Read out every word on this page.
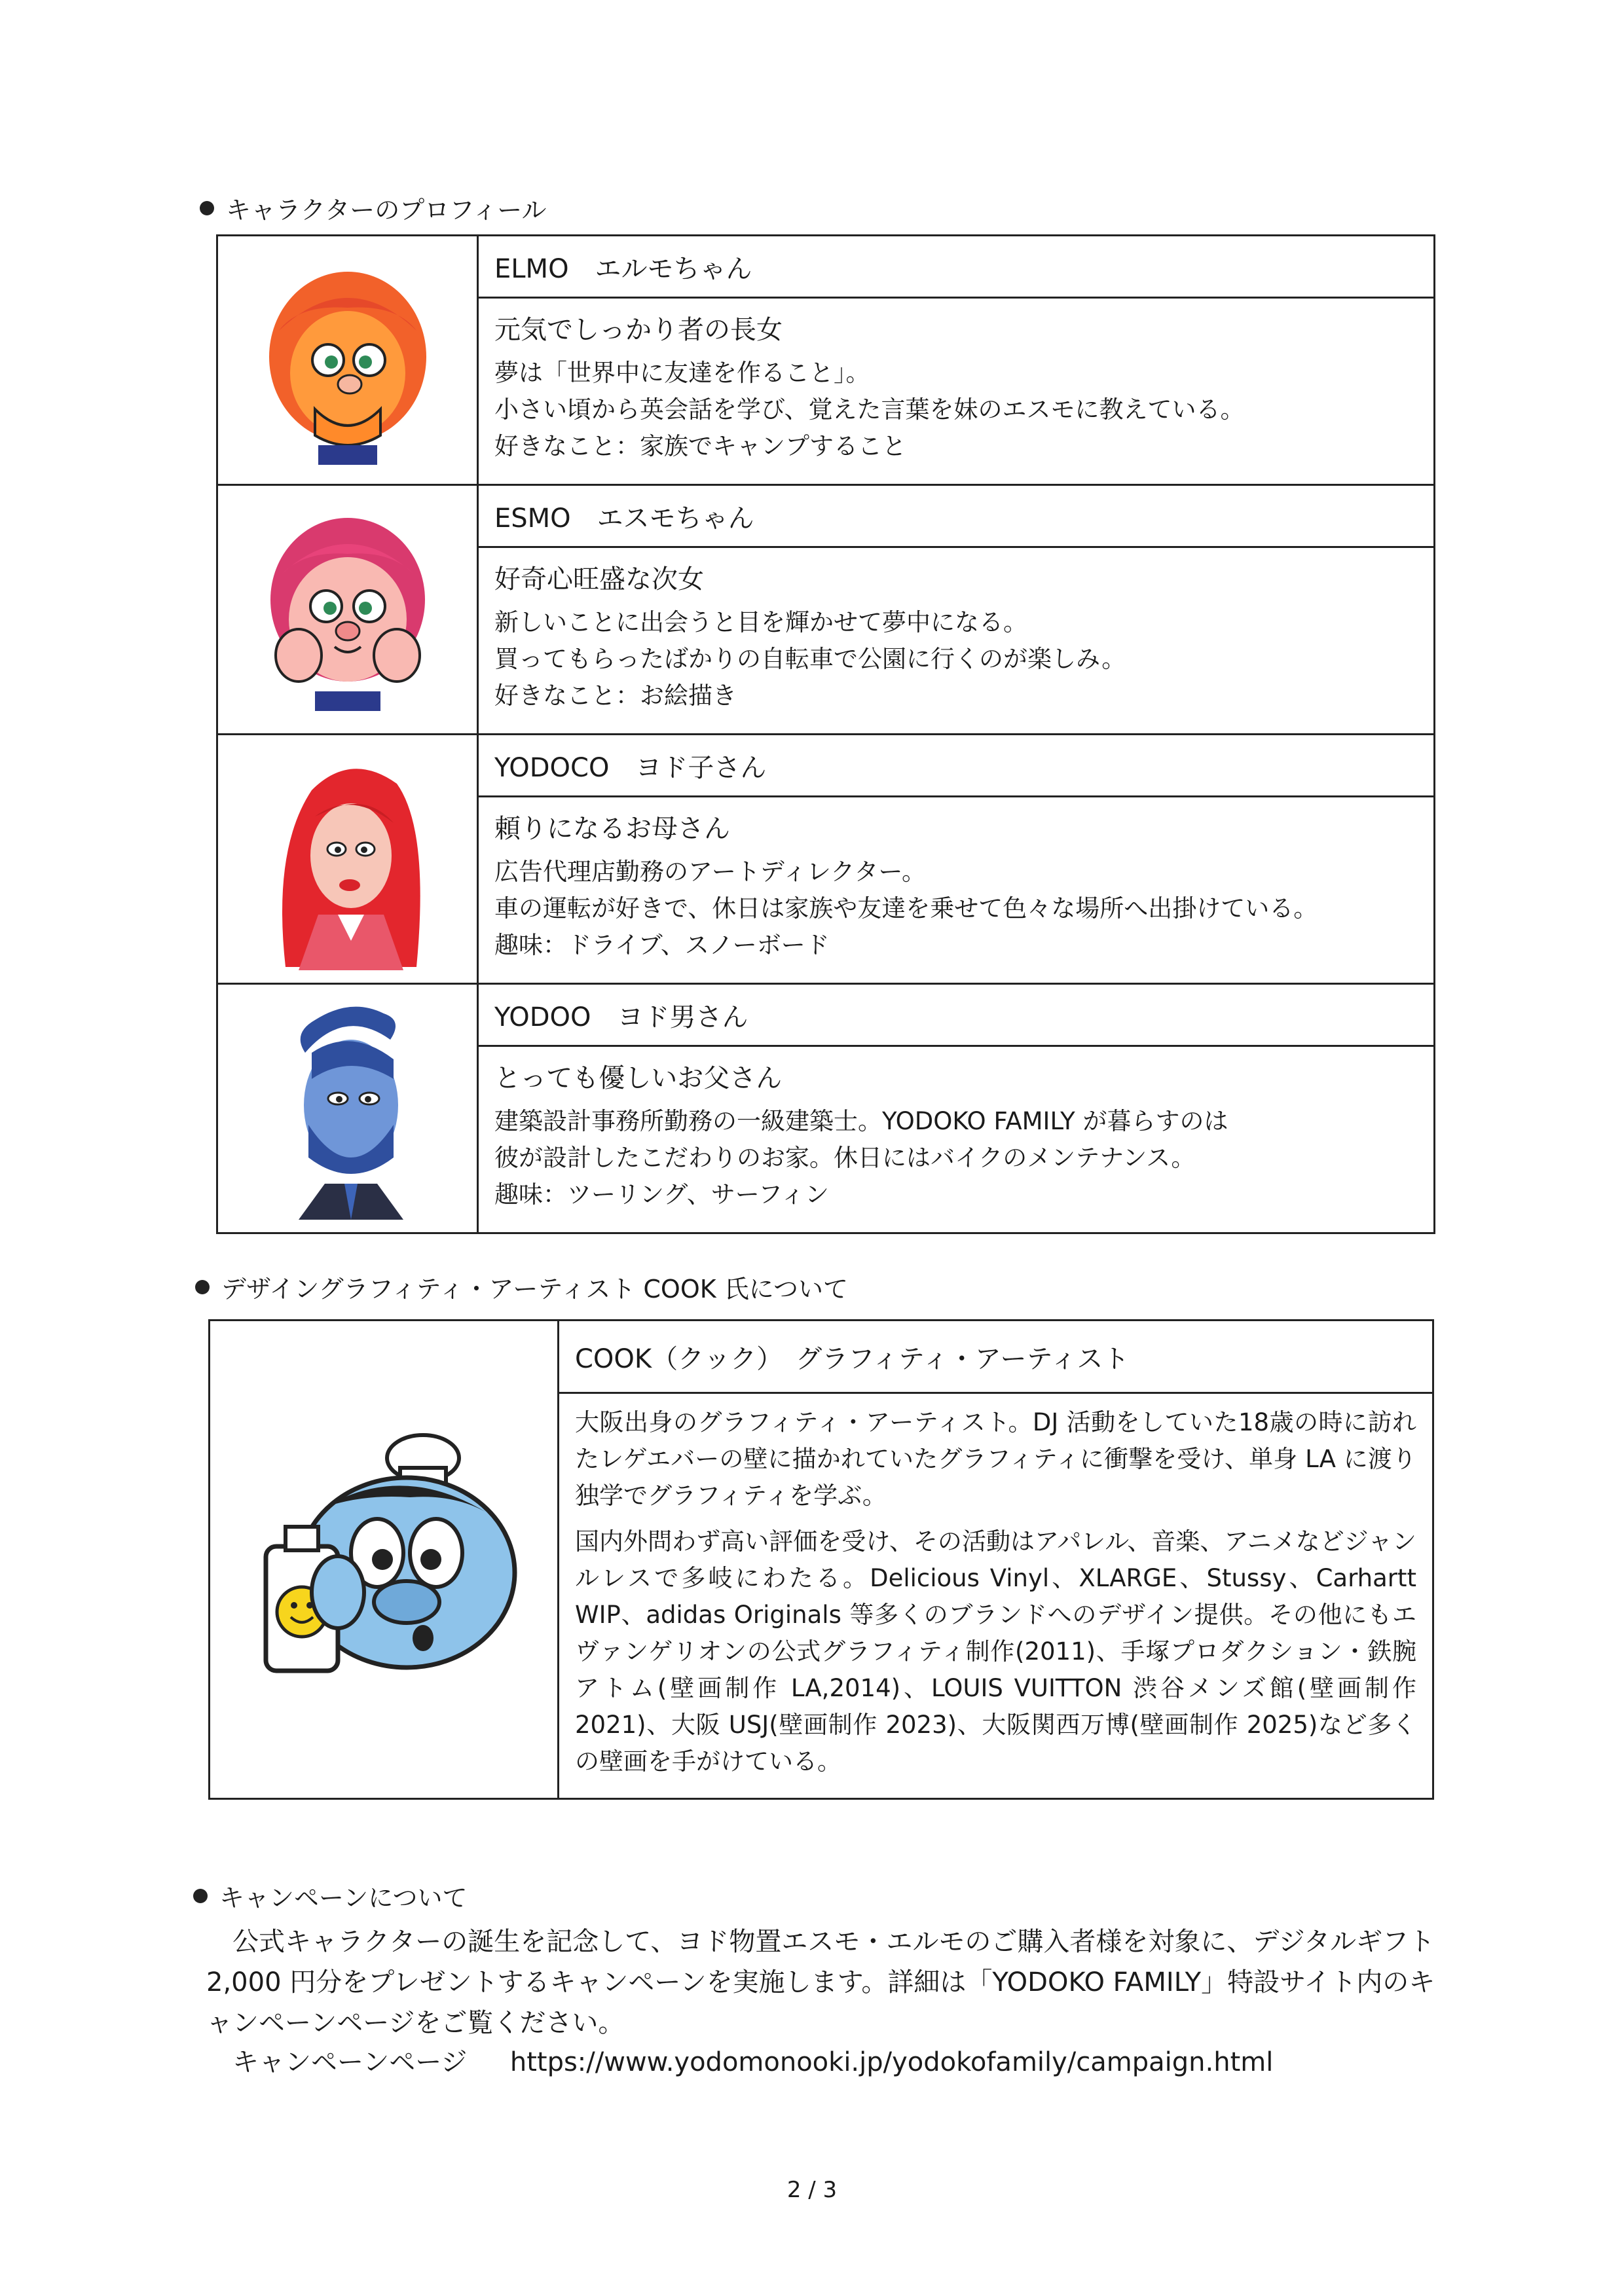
キャラクターのプロフィール
ELMO　エルモちゃん
元気でしっかり者の長女
夢は「世界中に友達を作ること」。
小さい頃から英会話を学び、覚えた言葉を妹のエスモに教えている。
好きなこと：家族でキャンプすること
ESMO　エスモちゃん
好奇心旺盛な次女
新しいことに出会うと目を輝かせて夢中になる。
買ってもらったばかりの自転車で公園に行くのが楽しみ。
好きなこと：お絵描き
YODOCO　ヨド子さん
頼りになるお母さん
広告代理店勤務のアートディレクター。
車の運転が好きで、休日は家族や友達を乗せて色々な場所へ出掛けている。
趣味：ドライブ、スノーボード
YODOO　ヨド男さん
とっても優しいお父さん
建築設計事務所勤務の一級建築士。YODOKO FAMILY が暮らすのは
彼が設計したこだわりのお家。休日にはバイクのメンテナンス。
趣味：ツーリング、サーフィン
デザイングラフィティ・アーティスト COOK 氏について
COOK（クック）　グラフィティ・アーティスト

大阪出身のグラフィティ・アーティスト。DJ 活動をしていた18歳の時に訪れたレゲエバーの壁に描かれていたグラフィティに衝撃を受け、単身 LA に渡り独学でグラフィティを学ぶ。

国内外問わず高い評価を受け、その活動はアパレル、音楽、アニメなどジャンルレスで多岐にわたる。Delicious Vinyl、XLARGE、Stussy、Carhartt WIP、adidas Originals 等多くのブランドへのデザイン提供。その他にもエヴァンゲリオンの公式グラフィティ制作(2011)、手塚プロダクション・鉄腕アトム(壁画制作 LA,2014)、LOUIS VUITTON 渋谷メンズ館(壁画制作 2021)、大阪 USJ(壁画制作 2023)、大阪関西万博(壁画制作 2025)など多くの壁画を手がけている。

キャンペーンについて
　公式キャラクターの誕生を記念して、ヨド物置エスモ・エルモのご購入者様を対象に、デジタルギフト 2,000 円分をプレゼントするキャンペーンを実施します。詳細は「YODOKO FAMILY」特設サイト内のキャンペーンページをご覧ください。
キャンペーンページ https://www.yodomonooki.jp/yodokofamily/campaign.html
2 / 3
